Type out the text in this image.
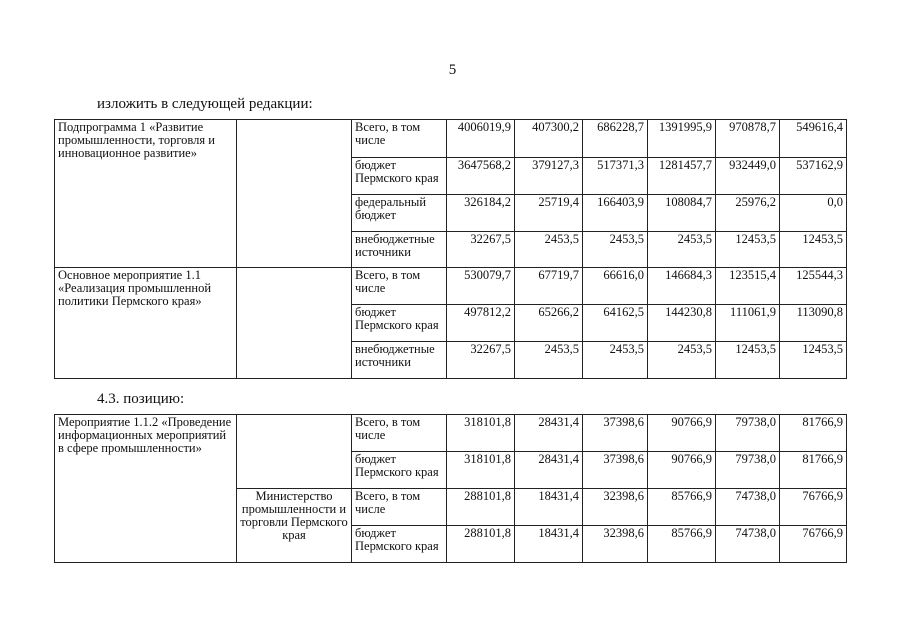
5
изложить в следующей редакции:
Подпрограмма 1 «Развитие промышленности, торговля и инновационное развитие»		Всего, в том числе	4006019,9	407300,2	686228,7	1391995,9	970878,7	549616,4
		бюджет Пермского края	3647568,2	379127,3	517371,3	1281457,7	932449,0	537162,9
		федеральный бюджет	326184,2	25719,4	166403,9	108084,7	25976,2	0,0
		внебюджетные источники	32267,5	2453,5	2453,5	2453,5	12453,5	12453,5
Основное мероприятие 1.1 «Реализация промышленной политики Пермского края»		Всего, в том числе	530079,7	67719,7	66616,0	146684,3	123515,4	125544,3
		бюджет Пермского края	497812,2	65266,2	64162,5	144230,8	111061,9	113090,8
		внебюджетные источники	32267,5	2453,5	2453,5	2453,5	12453,5	12453,5
4.3. позицию:
Мероприятие 1.1.2 «Проведение информационных мероприятий в сфере промышленности»		Всего, в том числе	318101,8	28431,4	37398,6	90766,9	79738,0	81766,9
		бюджет Пермского края	318101,8	28431,4	37398,6	90766,9	79738,0	81766,9
	Министерство промышленности и торговли Пермского края	Всего, в том числе	288101,8	18431,4	32398,6	85766,9	74738,0	76766,9
		бюджет Пермского края	288101,8	18431,4	32398,6	85766,9	74738,0	76766,9
